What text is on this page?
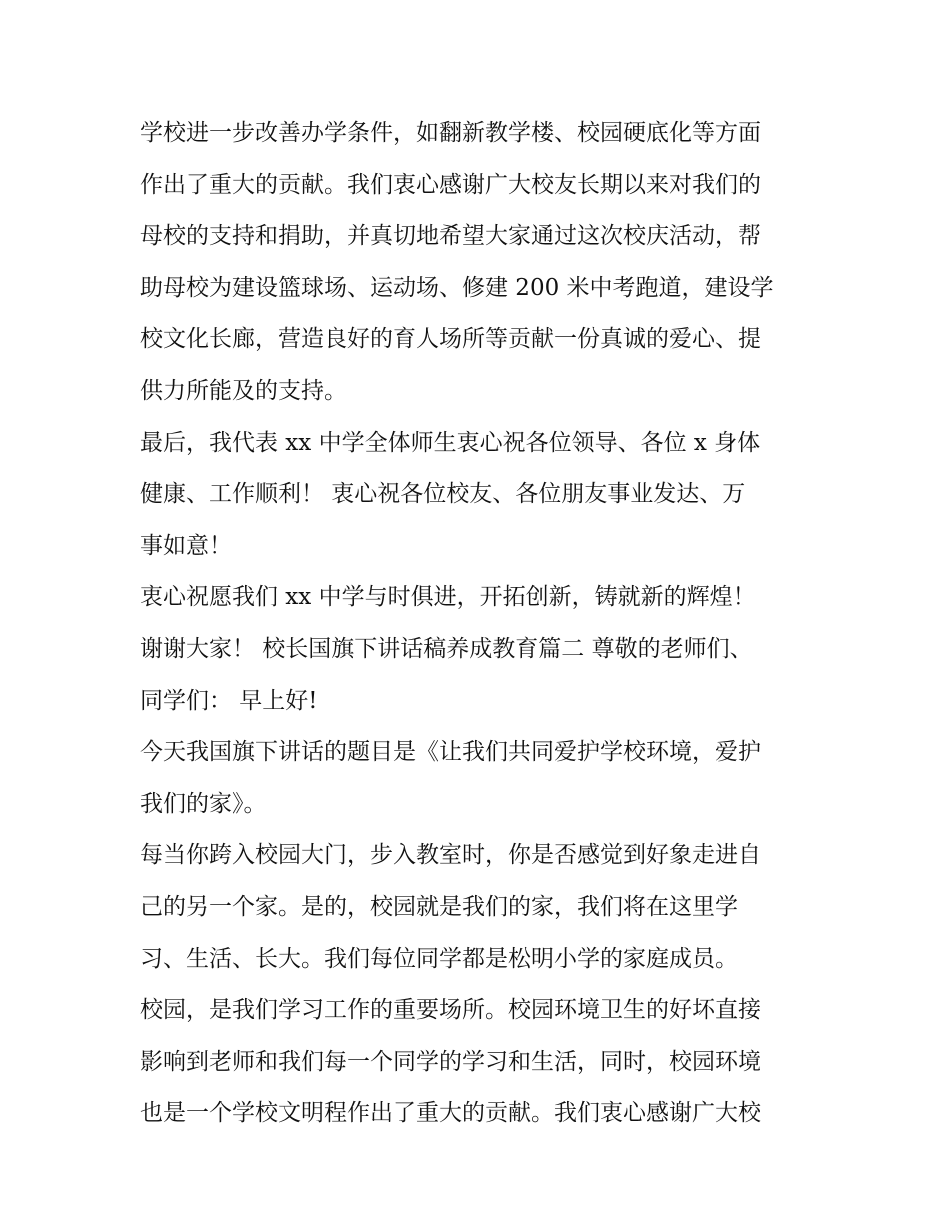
学校进一步改善办学条件，如翻新教学楼、校园硬底化等方面
作出了重大的贡献。我们衷心感谢广大校友长期以来对我们的
母校的支持和捐助，并真切地希望大家通过这次校庆活动，帮
助母校为建设篮球场、运动场、修建 200 米中考跑道，建设学
校文化长廊，营造良好的育人场所等贡献一份真诚的爱心、提
供力所能及的支持。
最后，我代表 xx 中学全体师生衷心祝各位领导、各位 x 身体
健康、工作顺利！ 衷心祝各位校友、各位朋友事业发达、万
事如意！
衷心祝愿我们 xx 中学与时俱进，开拓创新，铸就新的辉煌！
谢谢大家！ 校长国旗下讲话稿养成教育篇二 尊敬的老师们、
同学们： 早上好!
今天我国旗下讲话的题目是《让我们共同爱护学校环境，爱护
我们的家》。
每当你跨入校园大门，步入教室时，你是否感觉到好象走进自
己的另一个家。是的，校园就是我们的家，我们将在这里学
习、生活、长大。我们每位同学都是松明小学的家庭成员。
校园，是我们学习工作的重要场所。校园环境卫生的好坏直接
影响到老师和我们每一个同学的学习和生活，同时，校园环境
也是一个学校文明程作出了重大的贡献。我们衷心感谢广大校
